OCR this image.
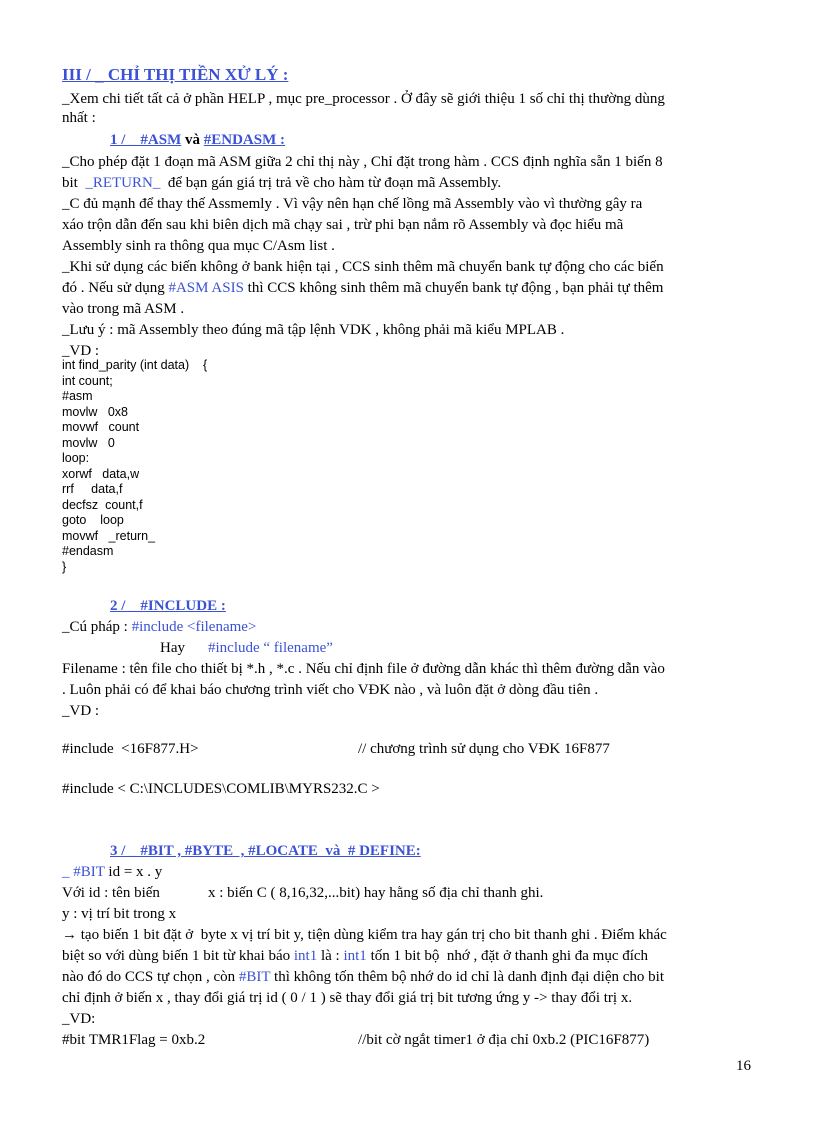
III / _ CHỈ THỊ TIỀN XỬ LÝ :
_Xem chi tiết tất cả ở phần HELP , mục pre_processor . Ở đây sẽ giới thiệu 1 số chỉ thị thường dùng
nhất :
1 / _ #ASM và #ENDASM :
_Cho phép đặt 1 đoạn mã ASM giữa 2 chỉ thị này , Chỉ đặt trong hàm . CCS định nghĩa sẵn 1 biến 8
bit  _RETURN_  để bạn gán giá trị trả về cho hàm từ đoạn mã Assembly.
_C đủ mạnh để thay thế Assmemly . Vì vậy nên hạn chế lồng mã Assembly vào vì thường gây ra
xáo trộn dẫn đến sau khi biên dịch mã chạy sai , trừ phi bạn nắm rõ Assembly và đọc hiểu mã
Assembly sinh ra thông qua mục C/Asm list .
_Khi sử dụng các biến không ở bank hiện tại , CCS sinh thêm mã chuyển bank tự động cho các biến
đó . Nếu sử dụng #ASM ASIS thì CCS không sinh thêm mã chuyển bank tự động , bạn phải tự thêm
vào trong mã ASM .
_Lưu ý : mã Assembly theo đúng mã tập lệnh VDK , không phải mã kiểu MPLAB .
_VD :
int find_parity (int data)    {
int count;
#asm
movlw   0x8
movwf   count
movlw   0
loop:
xorwf   data,w
rrf     data,f
decfsz  count,f
goto    loop
movwf   _return_
#endasm
}
2 / _ #INCLUDE :
_Cú pháp : #include <filename>
Hay #include “ filename”
Filename : tên file cho thiết bị *.h , *.c . Nếu chỉ định file ở đường dẫn khác thì thêm đường dẫn vào
. Luôn phải có để khai báo chương trình viết cho VĐK nào , và luôn đặt ở dòng đầu tiên .
_VD :
#include  <16F877.H>	// chương trình sử dụng cho VĐK 16F877
#include < C:\INCLUDES\COMLIB\MYRS232.C >
3 / _ #BIT , #BYTE  , #LOCATE  và  # DEFINE:
_ #BIT id = x . y
Với id : tên biến	x : biến C ( 8,16,32,...bit) hay hằng số địa chỉ thanh ghi.
y : vị trí bit trong x
→ tạo biến 1 bit đặt ở  byte x vị trí bit y, tiện dùng kiểm tra hay gán trị cho bit thanh ghi . Điểm khác
biệt so với dùng biến 1 bit từ khai báo int1 là : int1 tốn 1 bit bộ  nhớ , đặt ở thanh ghi đa mục đích
nào đó do CCS tự chọn , còn #BIT thì không tốn thêm bộ nhớ do id chỉ là danh định đại diện cho bit
chỉ định ở biến x , thay đổi giá trị id ( 0 / 1 ) sẽ thay đổi giá trị bit tương ứng y -> thay đổi trị x.
_VD:
#bit TMR1Flag = 0xb.2	//bit cờ ngắt timer1 ở địa chỉ 0xb.2 (PIC16F877)
16
